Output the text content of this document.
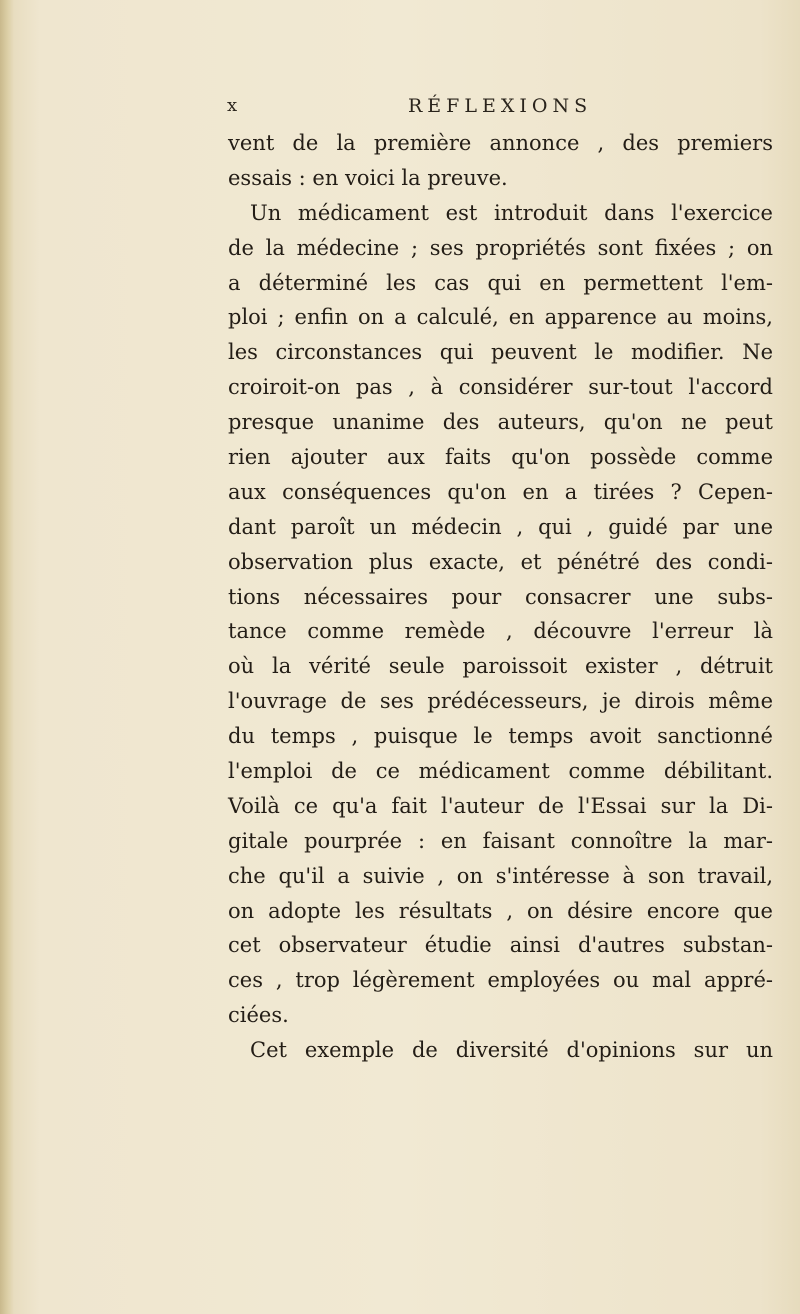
x	RÉFLEXIONS
vent de la première annonce , des premiers
essais : en voici la preuve.
Un médicament est introduit dans l'exercice
de la médecine ; ses propriétés sont fixées ; on
a déterminé les cas qui en permettent l'em-
ploi ; enfin on a calculé, en apparence au moins,
les circonstances qui peuvent le modifier. Ne
croiroit-on pas , à considérer sur-tout l'accord
presque unanime des auteurs, qu'on ne peut
rien ajouter aux faits qu'on possède comme
aux conséquences qu'on en a tirées ? Cepen-
dant paroît un médecin , qui , guidé par une
observation plus exacte, et pénétré des condi-
tions nécessaires pour consacrer une subs-
tance comme remède , découvre l'erreur là
où la vérité seule paroissoit exister , détruit
l'ouvrage de ses prédécesseurs, je dirois même
du temps , puisque le temps avoit sanctionné
l'emploi de ce médicament comme débilitant.
Voilà ce qu'a fait l'auteur de l'Essai sur la Di-
gitale pourprée : en faisant connoître la mar-
che qu'il a suivie , on s'intéresse à son travail,
on adopte les résultats , on désire encore que
cet observateur étudie ainsi d'autres substan-
ces , trop légèrement employées ou mal appré-
ciées.
Cet exemple de diversité d'opinions sur un
